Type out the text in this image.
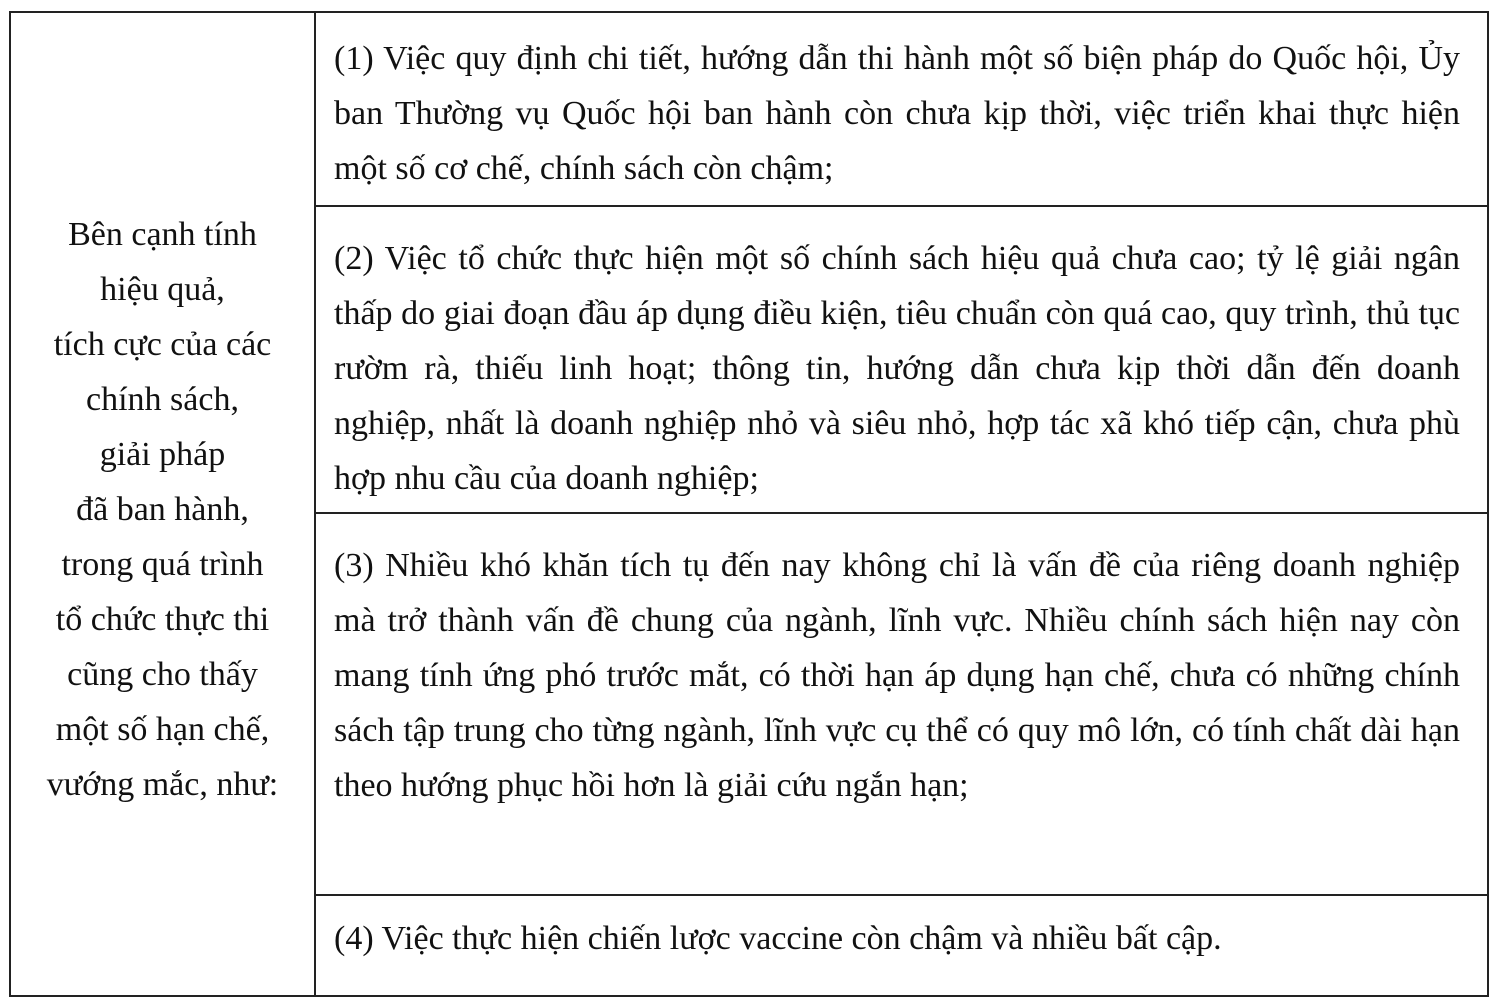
Bên cạnh tính
hiệu quả,
tích cực của các
chính sách,
giải pháp
đã ban hành,
trong quá trình
tổ chức thực thi
cũng cho thấy
một số hạn chế,
vướng mắc, như:
(1) Việc quy định chi tiết, hướng dẫn thi hành một số biện pháp do Quốc hội, Ủy ban Thường vụ Quốc hội ban hành còn chưa kịp thời, việc triển khai thực hiện một số cơ chế, chính sách còn chậm;
(2) Việc tổ chức thực hiện một số chính sách hiệu quả chưa cao; tỷ lệ giải ngân thấp do giai đoạn đầu áp dụng điều kiện, tiêu chuẩn còn quá cao, quy trình, thủ tục rườm rà, thiếu linh hoạt; thông tin, hướng dẫn chưa kịp thời dẫn đến doanh nghiệp, nhất là doanh nghiệp nhỏ và siêu nhỏ, hợp tác xã khó tiếp cận, chưa phù hợp nhu cầu của doanh nghiệp;
(3) Nhiều khó khăn tích tụ đến nay không chỉ là vấn đề của riêng doanh nghiệp mà trở thành vấn đề chung của ngành, lĩnh vực. Nhiều chính sách hiện nay còn mang tính ứng phó trước mắt, có thời hạn áp dụng hạn chế, chưa có những chính sách tập trung cho từng ngành, lĩnh vực cụ thể có quy mô lớn, có tính chất dài hạn theo hướng phục hồi hơn là giải cứu ngắn hạn;
(4) Việc thực hiện chiến lược vaccine còn chậm và nhiều bất cập.
